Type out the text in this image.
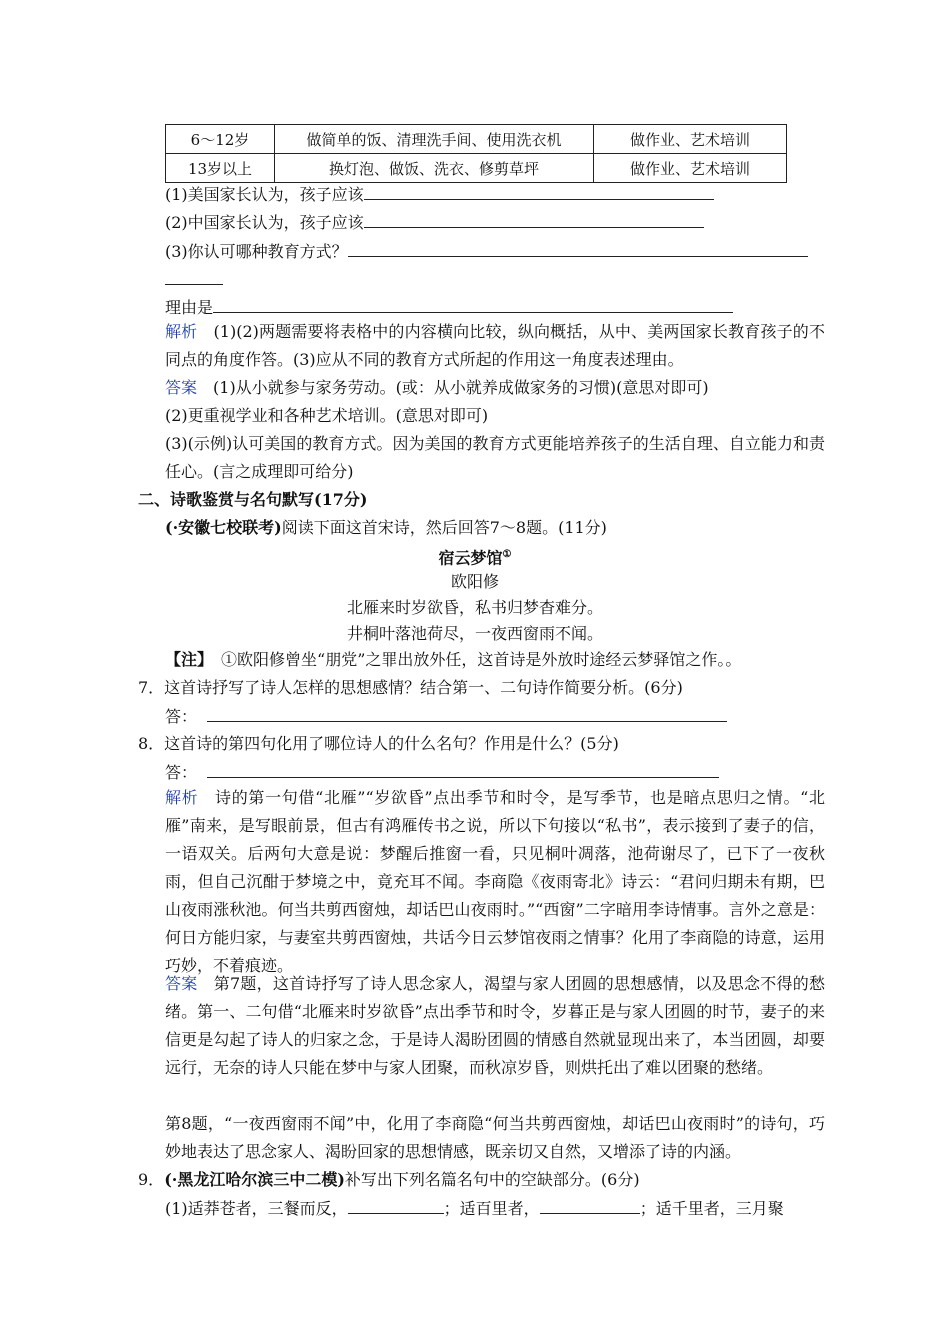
6～12岁	做简单的饭、清理洗手间、使用洗衣机	做作业、艺术培训
13岁以上	换灯泡、做饭、洗衣、修剪草坪	做作业、艺术培训
(1)美国家长认为，孩子应该
(2)中国家长认为，孩子应该
(3)你认可哪种教育方式？
理由是
解析　(1)(2)两题需要将表格中的内容横向比较，纵向概括，从中、美两国家长教育孩子的不同点的角度作答。(3)应从不同的教育方式所起的作用这一角度表述理由。
答案　(1)从小就参与家务劳动。(或：从小就养成做家务的习惯)(意思对即可)
(2)更重视学业和各种艺术培训。(意思对即可)
(3)(示例)认可美国的教育方式。因为美国的教育方式更能培养孩子的生活自理、自立能力和责任心。(言之成理即可给分)
二、诗歌鉴赏与名句默写(17分)
(·安徽七校联考)阅读下面这首宋诗，然后回答7～8题。(11分)
宿云梦馆①
欧阳修
北雁来时岁欲昏，私书归梦杳难分。
井桐叶落池荷尽，一夜西窗雨不闻。
【注】　①欧阳修曾坐“朋党”之罪出放外任，这首诗是外放时途经云梦驿馆之作。。
7．这首诗抒写了诗人怎样的思想感情？结合第一、二句诗作简要分析。(6分)
答：
8．这首诗的第四句化用了哪位诗人的什么名句？作用是什么？(5分)
答：
解析　诗的第一句借“北雁”“岁欲昏”点出季节和时令，是写季节，也是暗点思归之情。“北雁”南来，是写眼前景，但古有鸿雁传书之说，所以下句接以“私书”，表示接到了妻子的信，一语双关。后两句大意是说：梦醒后推窗一看，只见桐叶凋落，池荷谢尽了，已下了一夜秋雨，但自己沉酣于梦境之中，竟充耳不闻。李商隐《夜雨寄北》诗云：“君问归期未有期，巴山夜雨涨秋池。何当共剪西窗烛，却话巴山夜雨时。”“西窗”二字暗用李诗情事。言外之意是：何日方能归家，与妻室共剪西窗烛，共话今日云梦馆夜雨之情事？化用了李商隐的诗意，运用巧妙，不着痕迹。
答案　第7题，这首诗抒写了诗人思念家人，渴望与家人团圆的思想感情，以及思念不得的愁绪。第一、二句借“北雁来时岁欲昏”点出季节和时令，岁暮正是与家人团圆的时节，妻子的来信更是勾起了诗人的归家之念，于是诗人渴盼团圆的情感自然就显现出来了，本当团圆，却要远行，无奈的诗人只能在梦中与家人团聚，而秋凉岁昏，则烘托出了难以团聚的愁绪。
第8题，“一夜西窗雨不闻”中，化用了李商隐“何当共剪西窗烛，却话巴山夜雨时”的诗句，巧妙地表达了思念家人、渴盼回家的思想情感，既亲切又自然，又增添了诗的内涵。
9．(·黑龙江哈尔滨三中二模)补写出下列名篇名句中的空缺部分。(6分)
(1)适莽苍者，三餐而反，	；适百里者，	；适千里者，三月聚
